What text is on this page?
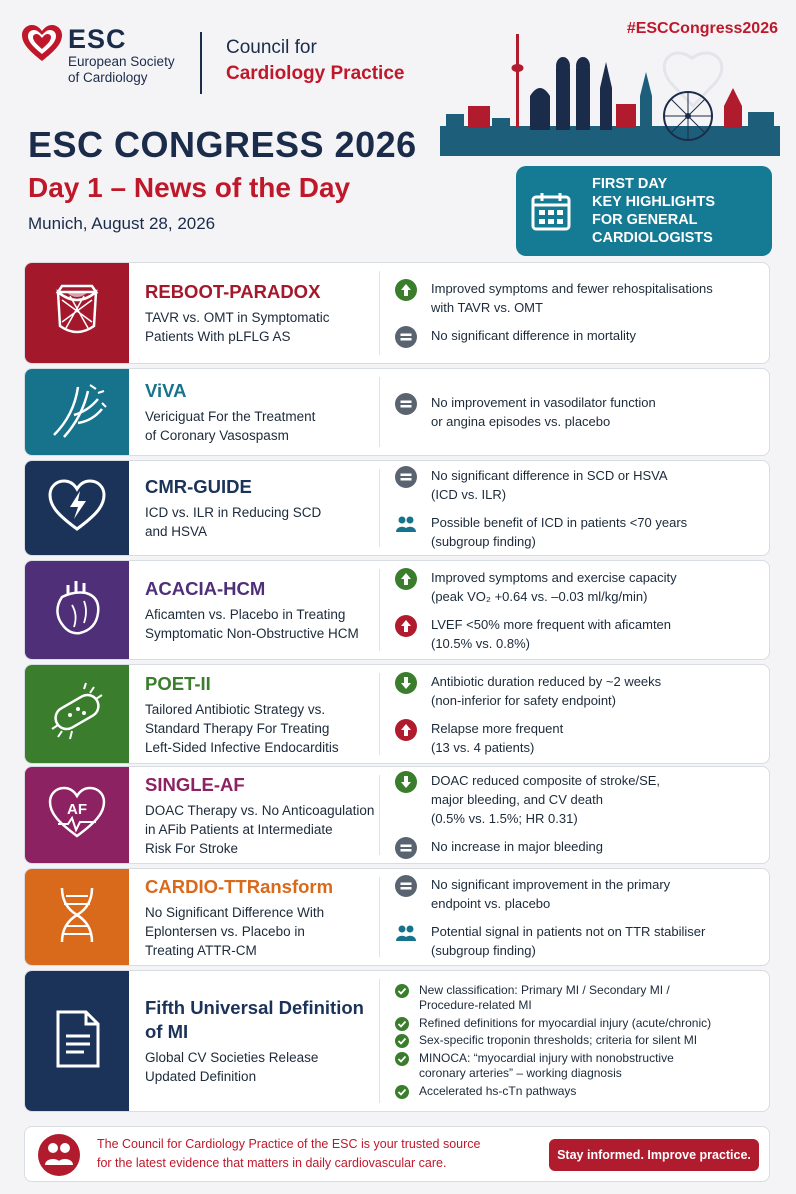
ESC
European Society
of Cardiology
Council for
Cardiology Practice
#ESCCongress2026
ESC CONGRESS 2026
Day 1 – News of the Day
Munich, August 28, 2026
FIRST DAY
KEY HIGHLIGHTS
FOR GENERAL
CARDIOLOGISTS
REBOOT-PARADOX
TAVR vs. OMT in Symptomatic
Patients With pLFLG AS
Improved symptoms and fewer rehospitalisations
with TAVR vs. OMT
No significant difference in mortality
ViVA
Vericiguat For the Treatment
of Coronary Vasospasm
No improvement in vasodilator function
or angina episodes vs. placebo
CMR-GUIDE
ICD vs. ILR in Reducing SCD
and HSVA
No significant difference in SCD or HSVA
(ICD vs. ILR)
Possible benefit of ICD in patients <70 years
(subgroup finding)
ACACIA-HCM
Aficamten vs. Placebo in Treating
Symptomatic Non-Obstructive HCM
Improved symptoms and exercise capacity
(peak VO₂ +0.64 vs. –0.03 ml/kg/min)
LVEF <50% more frequent with aficamten
(10.5% vs. 0.8%)
POET-II
Tailored Antibiotic Strategy vs.
Standard Therapy For Treating
Left-Sided Infective Endocarditis
Antibiotic duration reduced by ~2 weeks
(non-inferior for safety endpoint)
Relapse more frequent
(13 vs. 4 patients)
AF
SINGLE-AF
DOAC Therapy vs. No Anticoagulation
in AFib Patients at Intermediate
Risk For Stroke
DOAC reduced composite of stroke/SE,
major bleeding, and CV death
(0.5% vs. 1.5%; HR 0.31)
No increase in major bleeding
CARDIO-TTRansform
No Significant Difference With
Eplontersen vs. Placebo in
Treating ATTR-CM
No significant improvement in the primary
endpoint vs. placebo
Potential signal in patients not on TTR stabiliser
(subgroup finding)
Fifth Universal Definition of MI
Global CV Societies Release
Updated Definition
New classification: Primary MI / Secondary MI /
Procedure-related MI
Refined definitions for myocardial injury (acute/chronic)
Sex-specific troponin thresholds; criteria for silent MI
MINOCA: “myocardial injury with nonobstructive
coronary arteries” – working diagnosis
Accelerated hs-cTn pathways
The Council for Cardiology Practice of the ESC is your trusted source
for the latest evidence that matters in daily cardiovascular care.
Stay informed. Improve practice.
